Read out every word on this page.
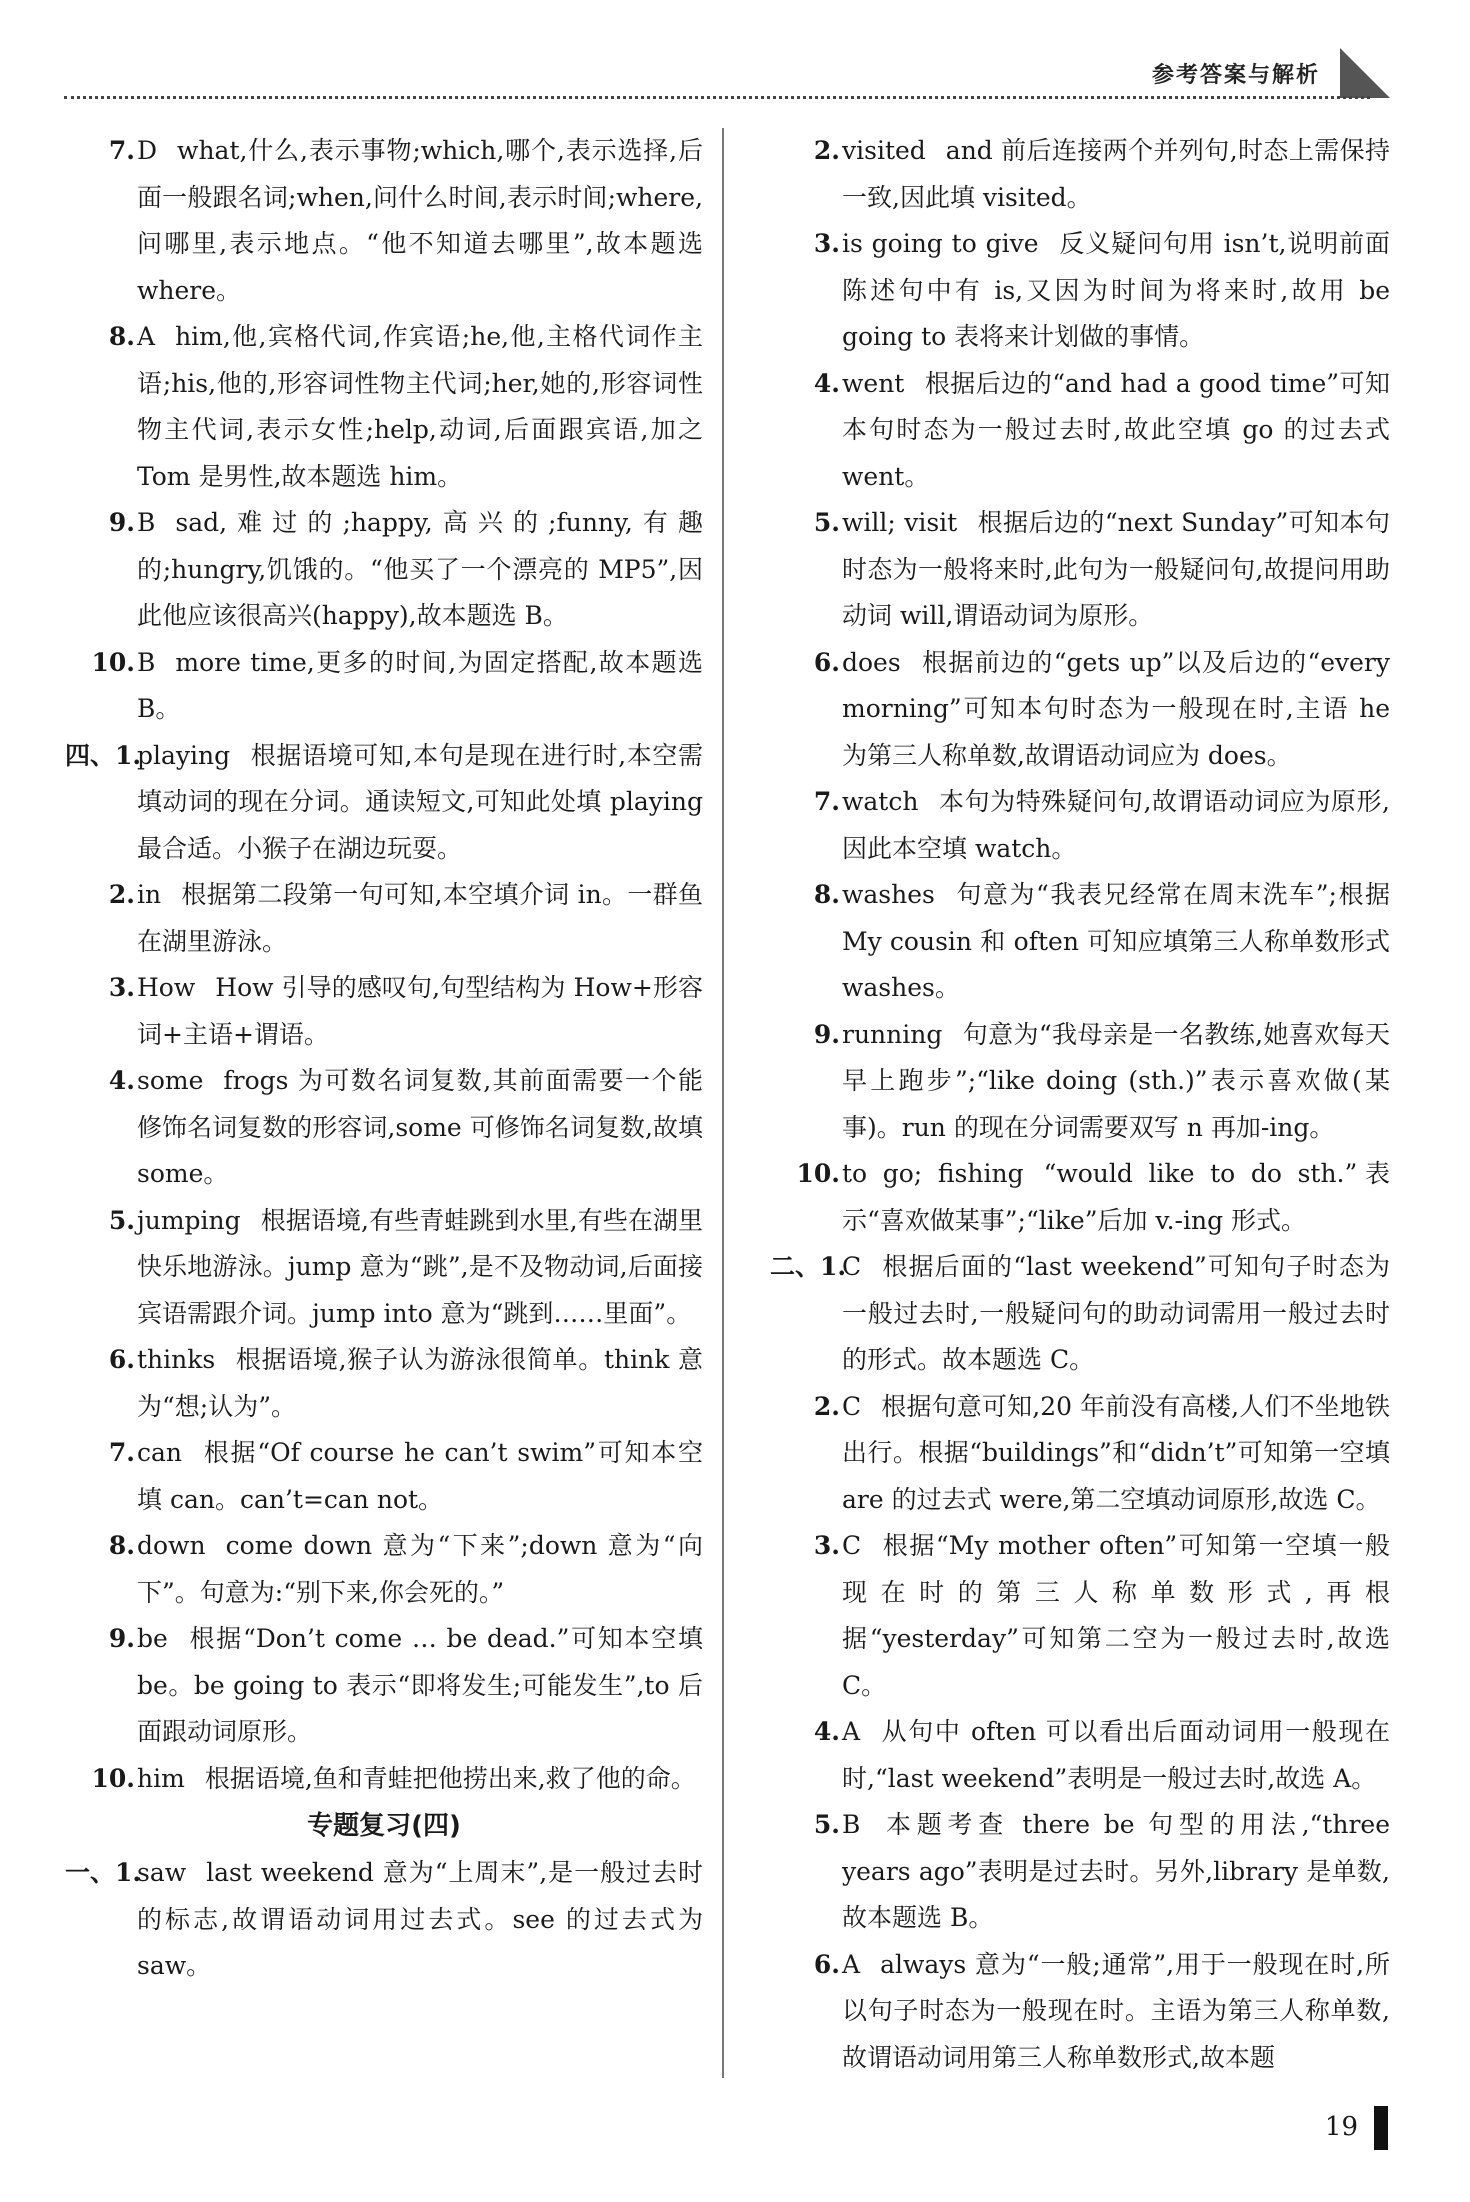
参考答案与解析
7. D what,什么,表示事物;which,哪个,表示选择,后面一般跟名词;when,问什么时间,表示时间;where,问哪里,表示地点。“他不知道去哪里”,故本题选 where。
8. A him,他,宾格代词,作宾语;he,他,主格代词作主语;his,他的,形容词性物主代词;her,她的,形容词性物主代词,表示女性;help,动词,后面跟宾语,加之 Tom 是男性,故本题选 him。
9. B sad,难过的;happy,高兴的;funny,有趣的;hungry,饥饿的。“他买了一个漂亮的 MP5”,因此他应该很高兴(happy),故本题选 B。
10. B more time,更多的时间,为固定搭配,故本题选 B。
四、1.
playing 根据语境可知,本句是现在进行时,本空需填动词的现在分词。通读短文,可知此处填 playing 最合适。小猴子在湖边玩耍。
2. in 根据第二段第一句可知,本空填介词 in。一群鱼在湖里游泳。
3. How How 引导的感叹句,句型结构为 How+形容词+主语+谓语。
4. some frogs 为可数名词复数,其前面需要一个能修饰名词复数的形容词,some 可修饰名词复数,故填 some。
5. jumping 根据语境,有些青蛙跳到水里,有些在湖里快乐地游泳。jump 意为“跳”,是不及物动词,后面接宾语需跟介词。jump into 意为“跳到……里面”。
6. thinks 根据语境,猴子认为游泳很简单。think 意为“想;认为”。
7. can 根据“Of course he can’t swim”可知本空填 can。can’t=can not。
8. down come down 意为“下来”;down 意为“向下”。句意为:“别下来,你会死的。”
9. be 根据“Don’t come … be dead.”可知本空填 be。be going to 表示“即将发生;可能发生”,to 后面跟动词原形。
10. him 根据语境,鱼和青蛙把他捞出来,救了他的命。
专题复习(四)
一、1.
saw last weekend 意为“上周末”,是一般过去时的标志,故谓语动词用过去式。see 的过去式为 saw。
2. visited and 前后连接两个并列句,时态上需保持一致,因此填 visited。
3. is going to give 反义疑问句用 isn’t,说明前面陈述句中有 is,又因为时间为将来时,故用 be going to 表将来计划做的事情。
4. went 根据后边的“and had a good time”可知本句时态为一般过去时,故此空填 go 的过去式 went。
5. will; visit 根据后边的“next Sunday”可知本句时态为一般将来时,此句为一般疑问句,故提问用助动词 will,谓语动词为原形。
6. does 根据前边的“gets up”以及后边的“every morning”可知本句时态为一般现在时,主语 he 为第三人称单数,故谓语动词应为 does。
7. watch 本句为特殊疑问句,故谓语动词应为原形,因此本空填 watch。
8. washes 句意为“我表兄经常在周末洗车”;根据 My cousin 和 often 可知应填第三人称单数形式 washes。
9. running 句意为“我母亲是一名教练,她喜欢每天早上跑步”;“like doing (sth.)”表示喜欢做(某事)。run 的现在分词需要双写 n 再加-ing。
10. to go; fishing “would like to do sth.”表示“喜欢做某事”;“like”后加 v.-ing 形式。
二、1.
C 根据后面的“last weekend”可知句子时态为一般过去时,一般疑问句的助动词需用一般过去时的形式。故本题选 C。
2. C 根据句意可知,20 年前没有高楼,人们不坐地铁出行。根据“buildings”和“didn’t”可知第一空填 are 的过去式 were,第二空填动词原形,故选 C。
3. C 根据“My mother often”可知第一空填一般现在时的第三人称单数形式,再根据“yesterday”可知第二空为一般过去时,故选 C。
4. A 从句中 often 可以看出后面动词用一般现在时,“last weekend”表明是一般过去时,故选 A。
5. B 本题考查 there be 句型的用法,“three years ago”表明是过去时。另外,library 是单数,故本题选 B。
6. A always 意为“一般;通常”,用于一般现在时,所以句子时态为一般现在时。主语为第三人称单数,故谓语动词用第三人称单数形式,故本题
19
